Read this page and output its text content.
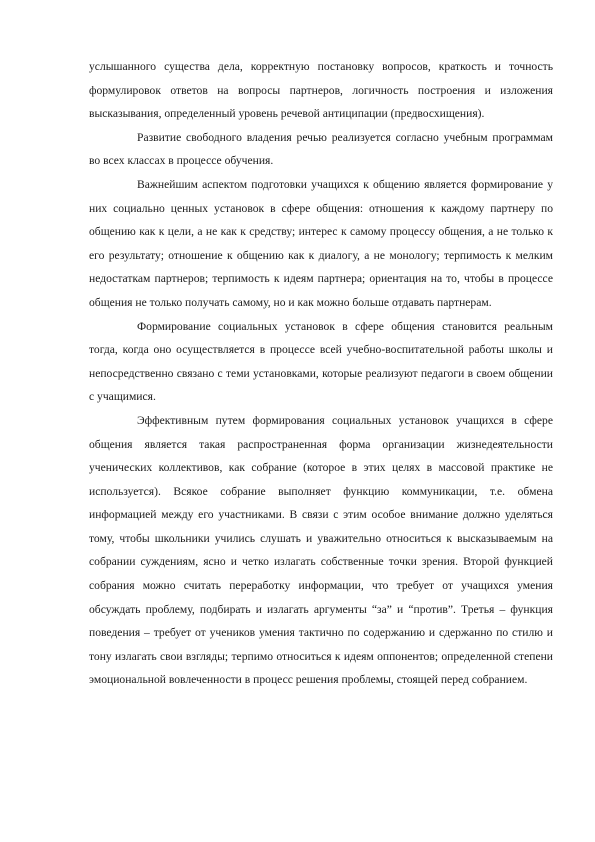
услышанного существа дела, корректную постановку вопросов, краткость и точность формулировок ответов на вопросы партнеров, логичность построения и изложения высказывания, определенный уровень речевой антиципации (предвосхищения).

Развитие свободного владения речью реализуется согласно учебным программам во всех классах в процессе обучения.

Важнейшим аспектом подготовки учащихся к общению является формирование у них социально ценных установок в сфере общения: отношения к каждому партнеру по общению как к цели, а не как к средству; интерес к самому процессу общения, а не только к его результату; отношение к общению как к диалогу, а не монологу; терпимость к мелким недостаткам партнеров; терпимость к идеям партнера; ориентация на то, чтобы в процессе общения не только получать самому, но и как можно больше отдавать партнерам.

Формирование социальных установок в сфере общения становится реальным тогда, когда оно осуществляется в процессе всей учебно-воспитательной работы школы и непосредственно связано с теми установками, которые реализуют педагоги в своем общении с учащимися.

Эффективным путем формирования социальных установок учащихся в сфере общения является такая распространенная форма организации жизнедеятельности ученических коллективов, как собрание (которое в этих целях в массовой практике не используется). Всякое собрание выполняет функцию коммуникации, т.е. обмена информацией между его участниками. В связи с этим особое внимание должно уделяться тому, чтобы школьники учились слушать и уважительно относиться к высказываемым на собрании суждениям, ясно и четко излагать собственные точки зрения. Второй функцией собрания можно считать переработку информации, что требует от учащихся умения обсуждать проблему, подбирать и излагать аргументы “за” и “против”. Третья – функция поведения – требует от учеников умения тактично по содержанию и сдержанно по стилю и тону излагать свои взгляды; терпимо относиться к идеям оппонентов; определенной степени эмоциональной вовлеченности в процесс решения проблемы, стоящей перед собранием.
